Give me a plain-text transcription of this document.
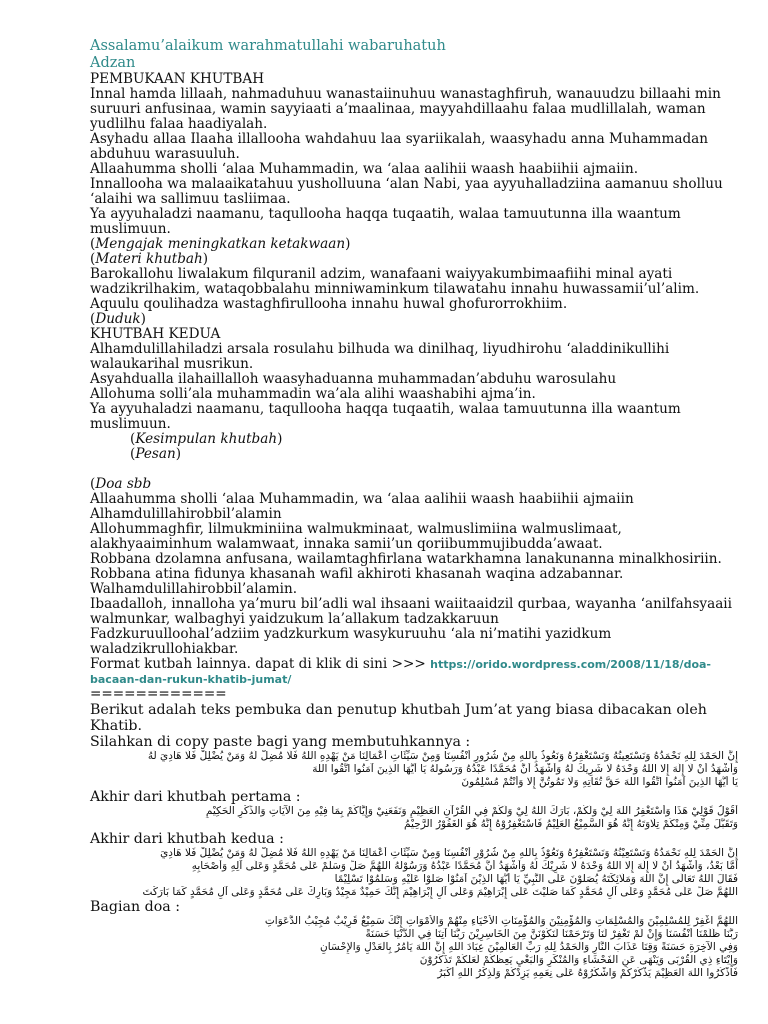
Assalamu’alaikum warahmatullahi wabaruhatuh
Adzan

PEMBUKAAN KHUTBAH

Innal hamda lillaah, nahmaduhuu wanastaiinuhuu wanastaghfiruh, wanauudzu billaahi min suruuri anfusinaa, wamin sayyiaati a’maalinaa, mayyahdillaahu falaa mudlillalah, waman yudlilhu falaa haadiyalah.

Asyhadu allaa Ilaaha illallooha wahdahuu laa syariikalah, waasyhadu anna Muhammadan abduhuu warasuuluh.

Allaahumma sholli ‘alaa Muhammadin, wa ‘alaa aalihii waash haabiihii ajmaiin.

Innallooha wa malaaikatahuu yusholluuna ‘alan Nabi, yaa ayyuhalladziina aamanuu sholluu ‘alaihi wa sallimuu tasliimaa.

Ya ayyuhaladzi naamanu, taqullooha haqqa tuqaatih, walaa tamuutunna illa waantum muslimuun.

(Mengajak meningkatkan ketakwaan)

(Materi khutbah)

Barokallohu liwalakum filquranil adzim, wanafaani waiyyakumbimaafiihi minal ayati wadzikrilhakim, wataqobbalahu minniwaminkum tilawatahu innahu huwassamii’ul’alim.

Aquulu qoulihadza wastaghfirullooha innahu huwal ghofurorrokhiim.

(Duduk)

KHUTBAH KEDUA

Alhamdulillahiladzi arsala rosulahu bilhuda wa dinilhaq, liyudhirohu ‘aladdinikullihi walaukarihal musrikun.

Asyahdualla ilahaillalloh waasyhaduanna muhammadan’abduhu warosulahu

Allohuma solli’ala muhammadin wa’ala alihi waashabihi ajma’in.

Ya ayyuhaladzi naamanu, taqullooha haqqa tuqaatih, walaa tamuutunna illa waantum muslimuun.

(Kesimpulan khutbah)

(Pesan)

(Doa sbb

Allaahumma sholli ‘alaa Muhammadin, wa ‘alaa aalihii waash haabiihii ajmaiin

Alhamdulillahirobbil’alamin

Allohummaghfir, lilmukminiina walmukminaat, walmuslimiina walmuslimaat, alakhyaaiminhum walamwaat, innaka samii’un qoriibummujibudda’awaat.

Robbana dzolamna anfusana, wailamtaghfirlana watarkhamna lanakunanna minalkhosiriin.

Robbana atina fidunya khasanah wafil akhiroti khasanah waqina adzabannar.

Walhamdulillahirobbil’alamin.

Ibaadalloh, innalloha ya’muru bil’adli wal ihsaani waiitaaidzil qurbaa, wayanha ‘anilfahsyaaii walmunkar, walbaghyi yaidzukum la’allakum tadzakkaruun

Fadzkuruulloohal’adziim yadzkurkum wasykuruuhu ‘ala ni’matihi yazidkum waladzikrullohiakbar.

Format kutbah lainnya. dapat di klik di sini >>> https://orido.wordpress.com/2008/11/18/doa-

bacaan-dan-rukun-khatib-jumat/

============

Berikut adalah teks pembuka dan penutup khutbah Jum’at yang biasa dibacakan oleh Khatib.

Silahkan di copy paste bagi yang membutuhkannya :

إِنَّ الْحَمْدَ لِلَّهِ نَحْمَدُهُ وَنَسْتَعِينُهُ وَنَسْتَغْفِرُهُ وَنَعُوذُ بِاللَّهِ مِنْ شُرُورِ أَنْفُسِنَا وَمِنْ سَيِّئَاتِ أَعْمَالِنَا مَنْ يَهْدِهِ اللَّهُ فَلَا مُضِلَّ لَهُ وَمَنْ يُضْلِلْ فَلَا هَادِيَ لَهُ

وَأَشْهَدُ أَنْ لَا إِلَهَ إِلَّا اللَّهُ وَحْدَهُ لَا شَرِيكَ لَهُ وَأَشْهَدُ أَنَّ مُحَمَّدًا عَبْدُهُ وَرَسُولُهُ يَا أَيُّهَا الَّذِينَ آمَنُوا اتَّقُوا اللَّهَ

يَا أَيُّهَا الَّذِينَ آمَنُوا اتَّقُوا اللَّهَ حَقَّ تُقَاتِهِ وَلَا تَمُوتُنَّ إِلَّا وَأَنْتُمْ مُسْلِمُونَ

Akhir dari khutbah pertama :

أَقُوْلُ قَوْلِيْ هَذَا وَأَسْتَغْفِرُ اللهَ لِيْ وَلَكُمْ، بَارَكَ اللهُ لِيْ وَلَكُمْ فِي الْقُرْآنِ الْعَظِيْمِ وَنَفَعَنِيْ وَإِيَّاكُمْ بِمَا فِيْهِ مِنَ الْآيَاتِ وَالذِّكْرِ الْحَكِيْمِ

وَتَقَبَّلَ مِنِّيْ وَمِنْكُمْ تِلَاوَتَهُ إِنَّهُ هُوَ السَّمِيْعُ الْعَلِيْمُ فَاسْتَغْفِرُوْهُ إِنَّهُ هُوَ الْغَفُوْرُ الرَّحِيْمُ

Akhir dari khutbah kedua :

إِنَّ الْحَمْدَ لِلَّهِ نَحْمَدُهُ وَنَسْتَعِيْنُهُ وَنَسْتَغْفِرُهُ وَنَعُوْذُ بِاللهِ مِنْ شُرُوْرِ أَنْفُسِنَا وَمِنْ سَيِّئَاتِ أَعْمَالِنَا مَنْ يَهْدِهِ اللهُ فَلَا مُضِلَّ لَهُ وَمَنْ يُضْلِلْ فَلَا هَادِيَ

أَمَّا بَعْدُ، وَأَشْهَدُ أَنْ لَا إِلَهَ إِلَّا اللهُ وَحْدَهُ لَا شَرِيْكَ لَهُ وَأَشْهَدُ أَنَّ مُحَمَّدًا عَبْدُهُ وَرَسُوْلُهُ اللَّهُمَّ صَلِّ وَسَلِّمْ عَلَى مُحَمَّدٍ وَعَلَى آلِهِ وَأَصْحَابِهِ

فَقَالَ اللهُ تَعَالَى إِنَّ اللهَ وَمَلَائِكَتَهُ يُصَلُّوْنَ عَلَى النَّبِيِّ يَا أَيُّهَا الَّذِيْنَ آمَنُوْا صَلُّوْا عَلَيْهِ وَسَلِّمُوْا تَسْلِيْمًا

اللَّهُمَّ صَلِّ عَلَى مُحَمَّدٍ وَعَلَى آلِ مُحَمَّدٍ كَمَا صَلَّيْتَ عَلَى إِبْرَاهِيْمَ وَعَلَى آلِ إِبْرَاهِيْمَ إِنَّكَ حَمِيْدٌ مَجِيْدٌ وَبَارِكْ عَلَى مُحَمَّدٍ وَعَلَى آلِ مُحَمَّدٍ كَمَا بَارَكْتَ

Bagian doa :

اللَّهُمَّ اغْفِرْ لِلْمُسْلِمِيْنَ وَالْمُسْلِمَاتِ وَالْمُؤْمِنِيْنَ وَالْمُؤْمِنَاتِ الْأَحْيَاءِ مِنْهُمْ وَالْأَمْوَاتِ إِنَّكَ سَمِيْعٌ قَرِيْبٌ مُجِيْبُ الدَّعَوَاتِ

رَبَّنَا ظَلَمْنَا أَنْفُسَنَا وَإِنْ لَمْ تَغْفِرْ لَنَا وَتَرْحَمْنَا لَنَكُوْنَنَّ مِنَ الْخَاسِرِيْنَ رَبَّنَا آتِنَا فِي الدُّنْيَا حَسَنَةً

وَفِي الْآخِرَةِ حَسَنَةً وَقِنَا عَذَابَ النَّارِ وَالْحَمْدُ لِلَّهِ رَبِّ الْعَالَمِيْنَ عِبَادَ اللهِ إِنَّ اللهَ يَأْمُرُ بِالْعَدْلِ وَالْإِحْسَانِ

وَإِيْتَاءِ ذِي الْقُرْبَى وَيَنْهَى عَنِ الْفَحْشَاءِ وَالْمُنْكَرِ وَالْبَغْيِ يَعِظُكُمْ لَعَلَّكُمْ تَذَكَّرُوْنَ

فَاذْكُرُوا اللهَ الْعَظِيْمَ يَذْكُرْكُمْ وَاشْكُرُوْهُ عَلَى نِعَمِهِ يَزِدْكُمْ وَلَذِكْرُ اللهِ أَكْبَرُ
